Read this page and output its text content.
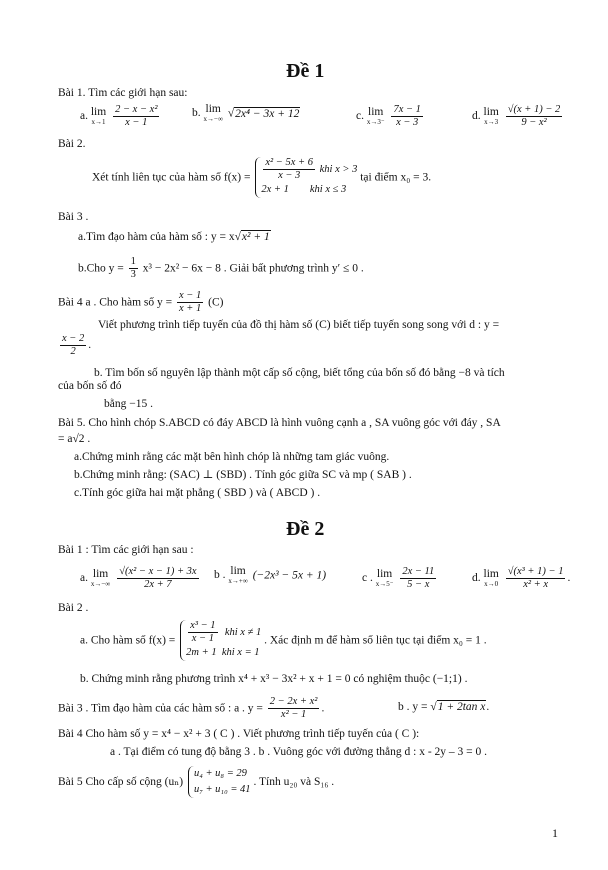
Đề 1
Bài 1. Tìm các giới hạn sau:
a. lim
x→1
$\frac{\text{2 − x − x²}}{x - 1}$	b. lim
x→−∞ √2x⁴ − 3x + 12	c. lim
x→3⁻
$\frac{7x - 1}{x - 3}$	d. lim
x→3
$\frac{√(x + 1) - 2}{\text{9 − x²}}$
Bài 2.
Xét tính liên tục của hàm số $f(x) = \frac{\text{x² − 5x + 6}}{x - 3}$ khi x > 3
2x + 1 khi x ≤ 3
tại điểm x₀ = 3.
Bài 3 .
a.Tìm đạo hàm của hàm số : y = x√x² + 1
b.Cho $y = \frac{1}{3} x^3 - 2x^2 - 6x - 8$ . Giải bất phương trình y′ ≤ 0 .
Bài 4 a . Cho hàm số $y = \frac{x - 1}{x + 1} (C)$
Viết phương trình tiếp tuyến của đồ thị hàm số (C) biết tiếp tuyến song song với d : y =
$\frac{x - 2}{2}$ .
b. Tìm bốn số nguyên lập thành một cấp số cộng, biết tổng của bốn số đó bằng −8 và tích
của bốn số đó
bằng −15 .
Bài 5. Cho hình chóp S.ABCD có đáy ABCD là hình vuông cạnh a , SA vuông góc với đáy , SA
= a√2 .
a.Chứng minh rằng các mặt bên hình chóp là những tam giác vuông.
b.Chứng minh rằng: (SAC) ⊥ (SBD) . Tính góc giữa SC và mp ( SAB ) .
c.Tính góc giữa hai mặt phẳng ( SBD ) và ( ABCD ) .
Đề 2
Bài 1 : Tìm các giới hạn sau :
a. lim
x→−∞
$\frac{\text{√(x² − x − 1) + 3x}}{2x + 7}$ b . lim
x→+∞ (−2x³ − 5x + 1)	c . lim
x→5⁻
$\frac{2x - 11}{5 - x}$	d. lim
x→0
$\frac{\text{√(x³ + 1) − 1}}{\text{x² + x}}$ .
Bài 2 .
a. Cho hàm số $f(x) = \frac{\text{x³ − 1}}{x - 1}$ khi x ≠ 1
2m + 1 khi x = 1
. Xác định m để hàm số liên tục tại điểm x₀ = 1 .
b. Chứng minh rằng phương trình x⁴ + x³ − 3x² + x + 1 = 0 có nghiệm thuộc (−1;1) .
Bài 3 . Tìm đạo hàm của các hàm số : a . $y = \frac{\text{2 − 2x + x²}}{\text{x² − 1}}$ .	b . y = √1 + 2tan x.
Bài 4 Cho hàm số y = x⁴ − x² + 3 ( C ) . Viết phương trình tiếp tuyến của ( C ):
a . Tại điểm có tung độ bằng 3 . b . Vuông góc với đường thẳng d : x - 2y – 3 = 0 .
Bài 5 Cho cấp số cộng (uₙ)
u₄ + u₈ = 29
u₇ + u₁₀ = 41
. Tính u₂₀ và S₁₆ .
1
